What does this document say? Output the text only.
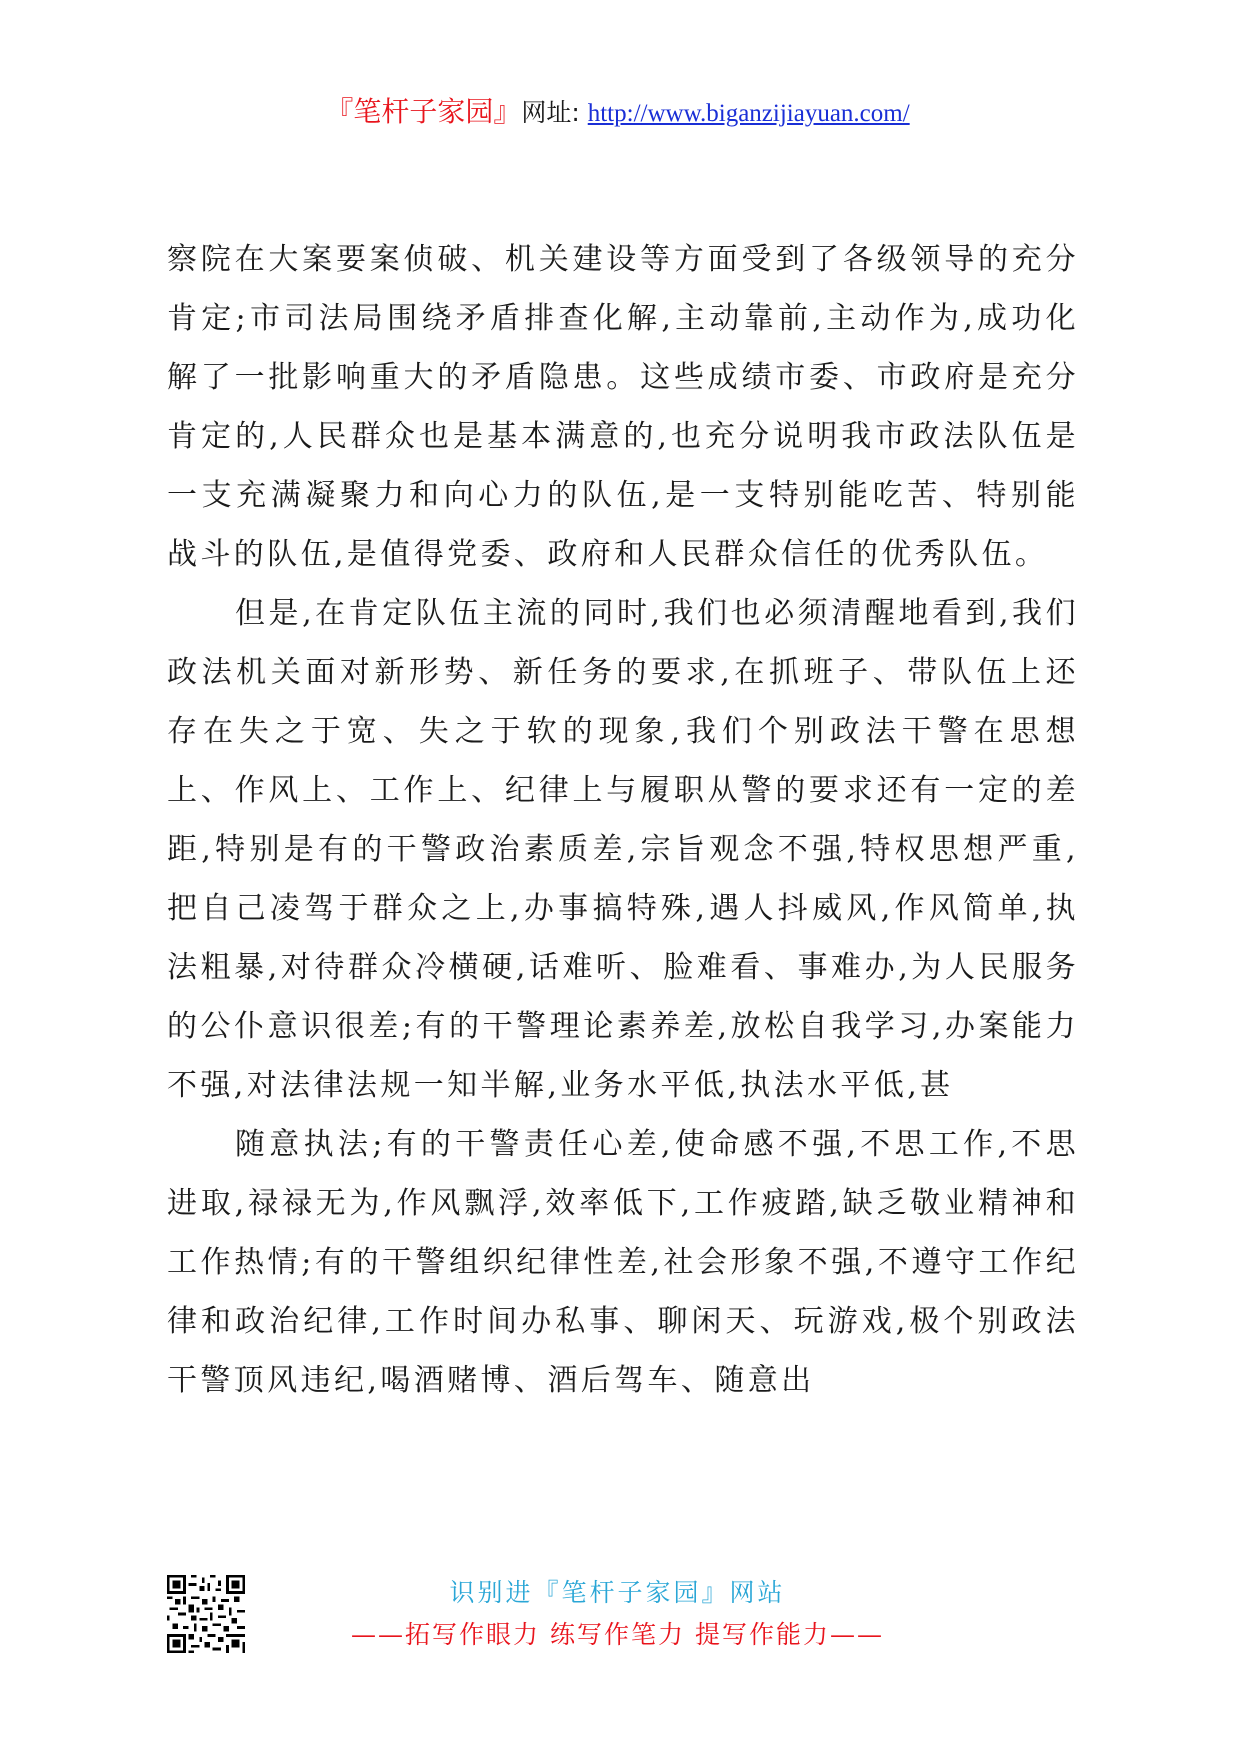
『笔杆子家园』网址: http://www.biganzijiayuan.com/

察院在大案要案侦破、机关建设等方面受到了各级领导的充分肯定;市司法局围绕矛盾排查化解,主动靠前,主动作为,成功化解了一批影响重大的矛盾隐患。这些成绩市委、市政府是充分肯定的,人民群众也是基本满意的,也充分说明我市政法队伍是一支充满凝聚力和向心力的队伍,是一支特别能吃苦、特别能战斗的队伍,是值得党委、政府和人民群众信任的优秀队伍。

但是,在肯定队伍主流的同时,我们也必须清醒地看到,我们政法机关面对新形势、新任务的要求,在抓班子、带队伍上还存在失之于宽、失之于软的现象,我们个别政法干警在思想上、作风上、工作上、纪律上与履职从警的要求还有一定的差距,特别是有的干警政治素质差,宗旨观念不强,特权思想严重,把自己凌驾于群众之上,办事搞特殊,遇人抖威风,作风简单,执法粗暴,对待群众冷横硬,话难听、脸难看、事难办,为人民服务的公仆意识很差;有的干警理论素养差,放松自我学习,办案能力不强,对法律法规一知半解,业务水平低,执法水平低,甚

随意执法;有的干警责任心差,使命感不强,不思工作,不思进取,禄禄无为,作风飘浮,效率低下,工作疲踏,缺乏敬业精神和工作热情;有的干警组织纪律性差,社会形象不强,不遵守工作纪律和政治纪律,工作时间办私事、聊闲天、玩游戏,极个别政法干警顶风违纪,喝酒赌博、酒后驾车、随意出

识别进『笔杆子家园』网站
——拓写作眼力 练写作笔力 提写作能力——
